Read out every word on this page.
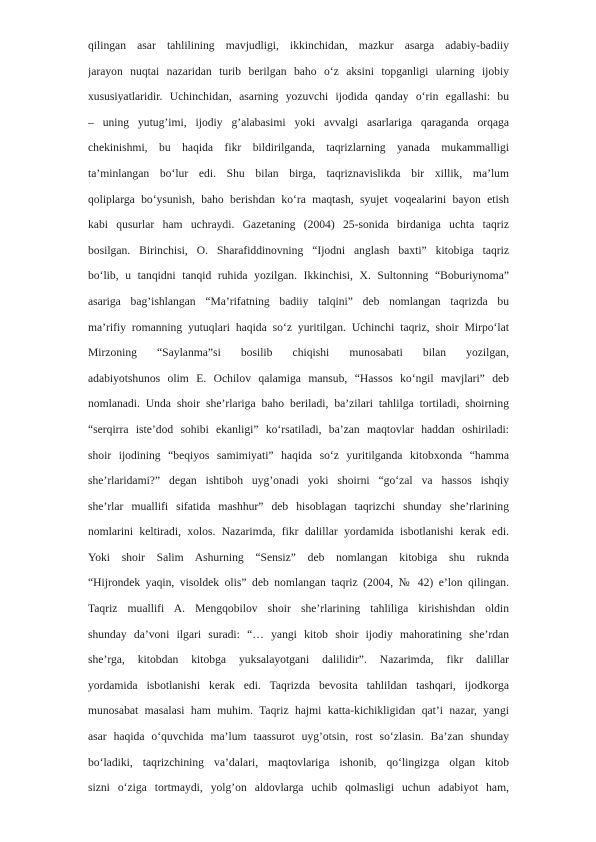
qilingan asar tahlilining mavjudligi, ikkinchidan, mazkur asarga adabiy-badiiy
jarayon nuqtai nazaridan turib berilgan baho o‘z aksini topganligi ularning ijobiy
xususiyatlaridir. Uchinchidan, asarning yozuvchi ijodida qanday o‘rin egallashi: bu
– uning yutug’imi, ijodiy g’alabasimi yoki avvalgi asarlariga qaraganda orqaga
chekinishmi, bu haqida fikr bildirilganda, taqrizlarning yanada mukammalligi
ta’minlangan bo‘lur edi. Shu bilan birga, taqriznavislikda bir xillik, ma’lum
qoliplarga bo‘ysunish, baho berishdan ko‘ra maqtash, syujet voqealarini bayon etish
kabi qusurlar ham uchraydi. Gazetaning (2004) 25-sonida birdaniga uchta taqriz
bosilgan. Birinchisi, O. Sharafiddinovning “Ijodni anglash baxti” kitobiga taqriz
bo‘lib, u tanqidni tanqid ruhida yozilgan. Ikkinchisi, X. Sultonning “Boburiynoma”
asariga bag’ishlangan “Ma’rifatning badiiy talqini” deb nomlangan taqrizda bu
ma’rifiy romanning yutuqlari haqida so‘z yuritilgan. Uchinchi taqriz, shoir Mirpo‘lat
Mirzoning “Saylanma”si bosilib chiqishi munosabati bilan yozilgan,
adabiyotshunos olim E. Ochilov qalamiga mansub, “Hassos ko‘ngil mavjlari” deb
nomlanadi. Unda shoir she’rlariga baho beriladi, ba’zilari tahlilga tortiladi, shoirning
“serqirra iste’dod sohibi ekanligi” ko‘rsatiladi, ba’zan maqtovlar haddan oshiriladi:
shoir ijodining “beqiyos samimiyati” haqida so‘z yuritilganda kitobxonda “hamma
she’rlaridami?” degan ishtiboh uyg’onadi yoki shoirni “go‘zal va hassos ishqiy
she’rlar muallifi sifatida mashhur” deb hisoblagan taqrizchi shunday she’rlarining
nomlarini keltiradi, xolos. Nazarimda, fikr dalillar yordamida isbotlanishi kerak edi.
Yoki shoir Salim Ashurning “Sensiz” deb nomlangan kitobiga shu ruknda
“Hijrondek yaqin, visoldek olis” deb nomlangan taqriz (2004, № 42) e’lon qilingan.
Taqriz muallifi A. Mengqobilov shoir she’rlarining tahliliga kirishishdan oldin
shunday da’voni ilgari suradi: “… yangi kitob shoir ijodiy mahoratining she’rdan
she’rga, kitobdan kitobga yuksalayotgani dalilidir”. Nazarimda, fikr dalillar
yordamida isbotlanishi kerak edi. Taqrizda bevosita tahlildan tashqari, ijodkorga
munosabat masalasi ham muhim. Taqriz hajmi katta-kichikligidan qat’i nazar, yangi
asar haqida o‘quvchida ma’lum taassurot uyg’otsin, rost so‘zlasin. Ba’zan shunday
bo‘ladiki, taqrizchining va’dalari, maqtovlariga ishonib, qo‘lingizga olgan kitob
sizni o‘ziga tortmaydi, yolg’on aldovlarga uchib qolmasligi uchun adabiyot ham,
